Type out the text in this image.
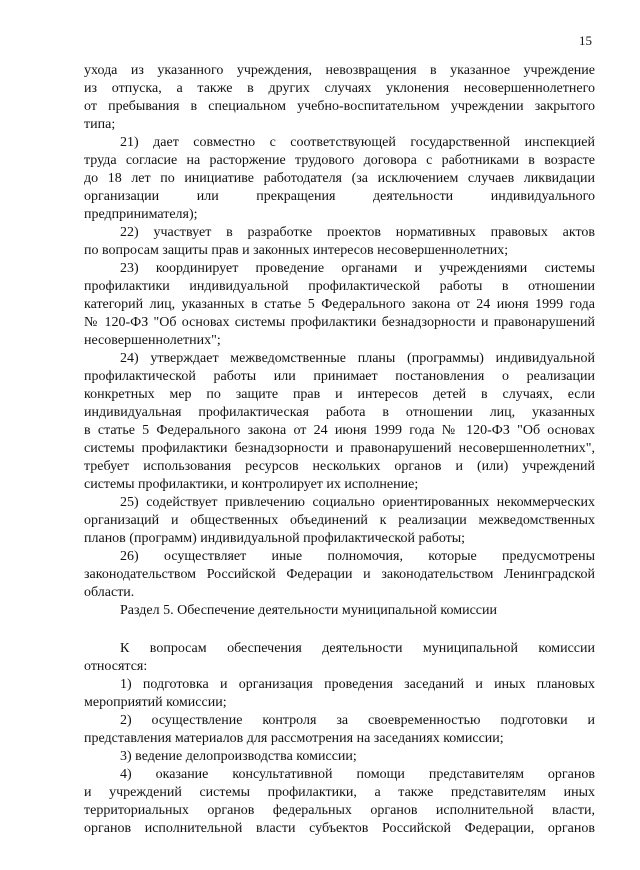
15

ухода из указанного учреждения, невозвращения в указанное учреждение

из отпуска, а также в других случаях уклонения несовершеннолетнего

от пребывания в специальном учебно-воспитательном учреждении закрытого

типа;

21) дает совместно с соответствующей государственной инспекцией

труда согласие на расторжение трудового договора с работниками в возрасте

до 18 лет по инициативе работодателя (за исключением случаев ликвидации

организации или прекращения деятельности индивидуального

предпринимателя);

22) участвует в разработке проектов нормативных правовых актов

по вопросам защиты прав и законных интересов несовершеннолетних;

23) координирует проведение органами и учреждениями системы

профилактики индивидуальной профилактической работы в отношении

категорий лиц, указанных в статье 5 Федерального закона от 24 июня 1999 года

№ 120-ФЗ "Об основах системы профилактики безнадзорности и правонарушений

несовершеннолетних";

24) утверждает межведомственные планы (программы) индивидуальной

профилактической работы или принимает постановления о реализации

конкретных мер по защите прав и интересов детей в случаях, если

индивидуальная профилактическая работа в отношении лиц, указанных

в статье 5 Федерального закона от 24 июня 1999 года № 120-ФЗ "Об основах

системы профилактики безнадзорности и правонарушений несовершеннолетних",

требует использования ресурсов нескольких органов и (или) учреждений

системы профилактики, и контролирует их исполнение;

25) содействует привлечению социально ориентированных некоммерческих

организаций и общественных объединений к реализации межведомственных

планов (программ) индивидуальной профилактической работы;

26) осуществляет иные полномочия, которые предусмотрены

Раздел 5. Обеспечение деятельности муниципальной комиссии

К вопросам обеспечения деятельности муниципальной комиссии

относятся:

1) подготовка и организация проведения заседаний и иных плановых

мероприятий комиссии;

2) осуществление контроля за своевременностью подготовки и

представления материалов для рассмотрения на заседаниях комиссии;

3) ведение делопроизводства комиссии;

4) оказание консультативной помощи представителям органов

и учреждений системы профилактики, а также представителям иных

территориальных органов федеральных органов исполнительной власти,

органов исполнительной власти субъектов Российской Федерации, органов

законодательством Российской Федерации и законодательством Ленинградской

области.
